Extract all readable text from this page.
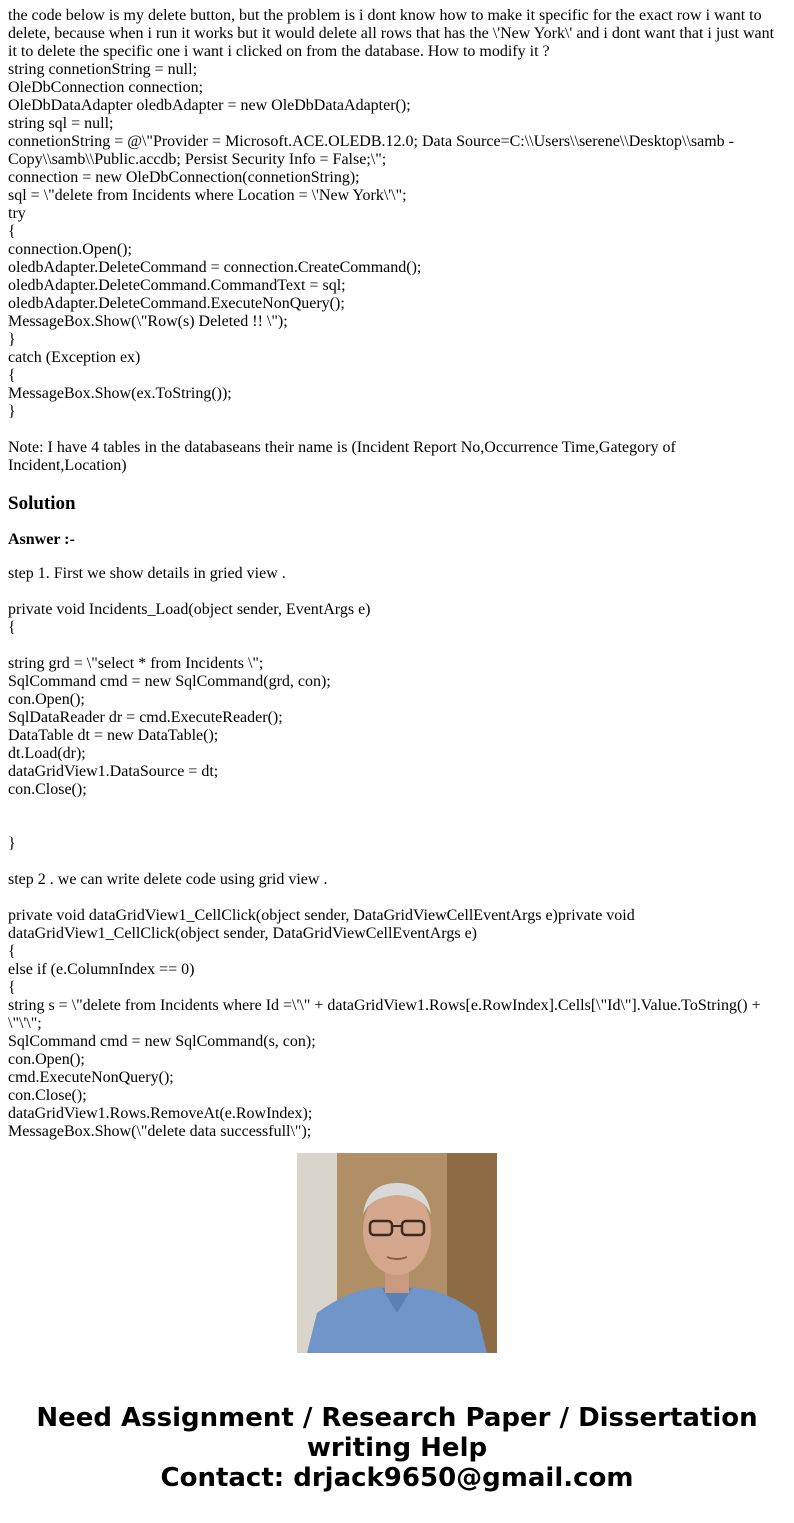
the code below is my delete button, but the problem is i dont know how to make it specific for the exact row i want to delete, because when i run it works but it would delete all rows that has the \'New York\' and i dont want that i just want it to delete the specific one i want i clicked on from the database. How to modify it ?

string connetionString = null;

OleDbConnection connection;

OleDbDataAdapter oledbAdapter = new OleDbDataAdapter();

string sql = null;

connetionString = @\"Provider = Microsoft.ACE.OLEDB.12.0; Data Source=C:\\Users\\serene\\Desktop\\samb - Copy\\samb\\Public.accdb; Persist Security Info = False;\";

connection = new OleDbConnection(connetionString);

sql = \"delete from Incidents where Location = \'New York\'\";

try

{

connection.Open();

oledbAdapter.DeleteCommand = connection.CreateCommand();

oledbAdapter.DeleteCommand.CommandText = sql;

oledbAdapter.DeleteCommand.ExecuteNonQuery();

MessageBox.Show(\"Row(s) Deleted !! \");

}

catch (Exception ex)

{

MessageBox.Show(ex.ToString());

}

Note: I have 4 tables in the databaseans their name is (Incident Report No,Occurrence Time,Gategory of Incident,Location)

Solution

Asnwer :-

step 1. First we show details in gried view .

private void Incidents_Load(object sender, EventArgs e)

{

string grd = \"select * from Incidents \";

SqlCommand cmd = new SqlCommand(grd, con);

con.Open();

SqlDataReader dr = cmd.ExecuteReader();

DataTable dt = new DataTable();

dt.Load(dr);

dataGridView1.DataSource = dt;

con.Close();

}

step 2 . we can write delete code using grid view .

private void dataGridView1_CellClick(object sender, DataGridViewCellEventArgs e)private void dataGridView1_CellClick(object sender, DataGridViewCellEventArgs e)

{

else if (e.ColumnIndex == 0)

{

string s = \"delete from Incidents where Id =\'\" + dataGridView1.Rows[e.RowIndex].Cells[\"Id\"].Value.ToString() + \"\'\";

SqlCommand cmd = new SqlCommand(s, con);

con.Open();

cmd.ExecuteNonQuery();

con.Close();

dataGridView1.Rows.RemoveAt(e.RowIndex);

MessageBox.Show(\"delete data successfull\");

Need Assignment / Research Paper / Dissertation
writing Help
Contact: drjack9650@gmail.com
